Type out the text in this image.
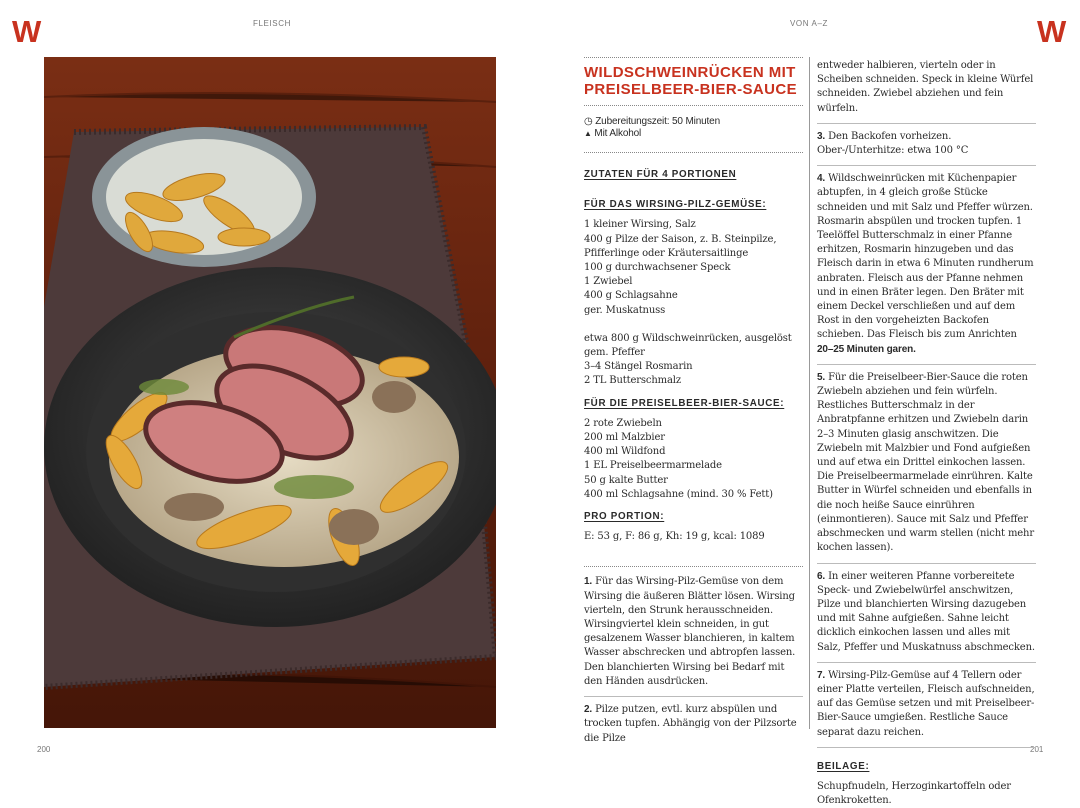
W	W
FLEISCH	VON A–Z
200	201
WILDSCHWEINRÜCKEN MIT
PREISELBEER-BIER-SAUCE
◷ Zubereitungszeit: 50 Minuten
▲ Mit Alkohol
ZUTATEN FÜR 4 PORTIONEN
FÜR DAS WIRSING-PILZ-GEMÜSE:
1 kleiner Wirsing, Salz
400 g Pilze der Saison, z. B. Steinpilze,
Pfifferlinge oder Kräutersaitlinge
100 g durchwachsener Speck
1 Zwiebel
400 g Schlagsahne
ger. Muskatnuss
etwa 800 g Wildschweinrücken, ausgelöst
gem. Pfeffer
3–4 Stängel Rosmarin
2 TL Butterschmalz
FÜR DIE PREISELBEER-BIER-SAUCE:
2 rote Zwiebeln
200 ml Malzbier
400 ml Wildfond
1 EL Preiselbeermarmelade
50 g kalte Butter
400 ml Schlagsahne (mind. 30 % Fett)
PRO PORTION:
E: 53 g, F: 86 g, Kh: 19 g, kcal: 1089
1. Für das Wirsing-Pilz-Gemüse von dem Wirsing die äußeren Blätter lösen. Wirsing vierteln, den Strunk herausschneiden. Wirsingviertel klein schneiden, in gut gesalzenem Wasser blanchieren, in kaltem Wasser abschrecken und abtropfen lassen. Den blanchierten Wirsing bei Bedarf mit den Händen ausdrücken.
2. Pilze putzen, evtl. kurz abspülen und trocken tupfen. Abhängig von der Pilzsorte die Pilze
entweder halbieren, vierteln oder in Scheiben schneiden. Speck in kleine Würfel schneiden. Zwiebel abziehen und fein würfeln.
3. Den Backofen vorheizen.
Ober-/Unterhitze: etwa 100 °C
4. Wildschweinrücken mit Küchenpapier abtupfen, in 4 gleich große Stücke schneiden und mit Salz und Pfeffer würzen. Rosmarin abspülen und trocken tupfen. 1 Teelöffel Butterschmalz in einer Pfanne erhitzen, Rosmarin hinzugeben und das Fleisch darin in etwa 6 Minuten rundherum anbraten. Fleisch aus der Pfanne nehmen und in einen Bräter legen. Den Bräter mit einem Deckel verschließen und auf dem Rost in den vorgeheizten Backofen schieben. Das Fleisch bis zum Anrichten 20–25 Minuten garen.
5. Für die Preiselbeer-Bier-Sauce die roten Zwiebeln abziehen und fein würfeln. Restliches Butterschmalz in der Anbratpfanne erhitzen und Zwiebeln darin 2–3 Minuten glasig anschwitzen. Die Zwiebeln mit Malzbier und Fond aufgießen und auf etwa ein Drittel einkochen lassen. Die Preiselbeermarmelade einrühren. Kalte Butter in Würfel schneiden und ebenfalls in die noch heiße Sauce einrühren (einmontieren). Sauce mit Salz und Pfeffer abschmecken und warm stellen (nicht mehr kochen lassen).
6. In einer weiteren Pfanne vorbereitete Speck- und Zwiebelwürfel anschwitzen, Pilze und blanchierten Wirsing dazugeben und mit Sahne aufgießen. Sahne leicht dicklich einkochen lassen und alles mit Salz, Pfeffer und Muskatnuss abschmecken.
7. Wirsing-Pilz-Gemüse auf 4 Tellern oder einer Platte verteilen, Fleisch aufschneiden, auf das Gemüse setzen und mit Preiselbeer-Bier-Sauce umgießen. Restliche Sauce separat dazu reichen.
BEILAGE:
Schupfnudeln, Herzoginkartoffeln oder Ofenkroketten.
